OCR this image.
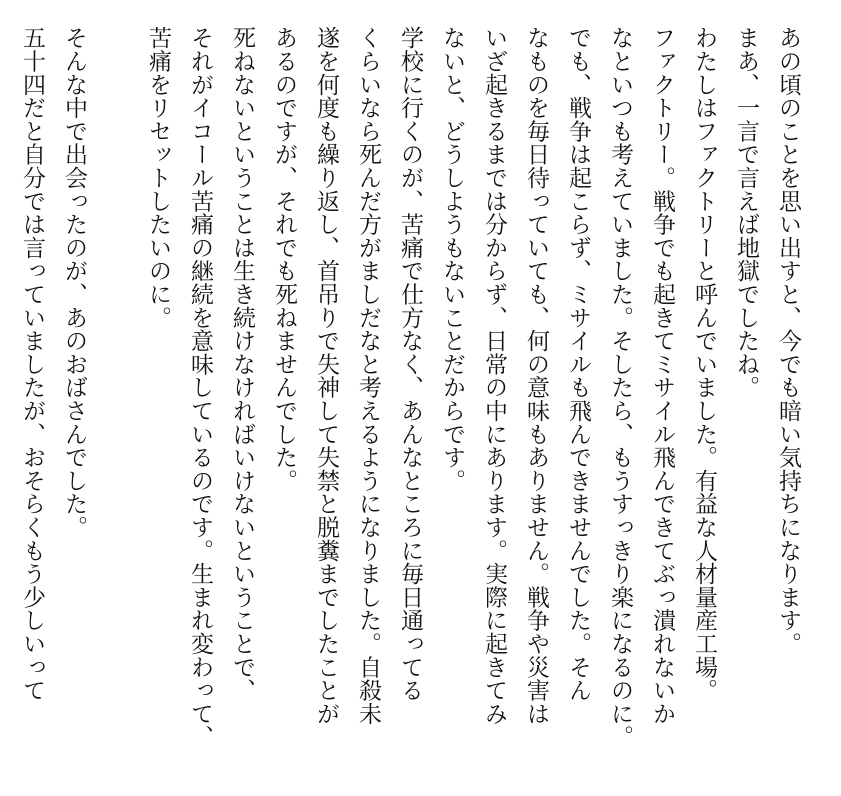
あの頃のことを思い出すと、今でも暗い気持ちになります。
まあ、一言で言えば地獄でしたね。
わたしはファクトリーと呼んでいました。有益な人材量産工場。
ファクトリー。戦争でも起きてミサイル飛んできてぶっ潰れないか
なといつも考えていました。そしたら、もうすっきり楽になるのに。
でも、戦争は起こらず、ミサイルも飛んできませんでした。そん
なものを毎日待っていても、何の意味もありません。戦争や災害は
いざ起きるまでは分からず、日常の中にあります。実際に起きてみ
ないと、どうしようもないことだからです。
学校に行くのが、苦痛で仕方なく、あんなところに毎日通ってる
くらいなら死んだ方がましだなと考えるようになりました。自殺未
遂を何度も繰り返し、首吊りで失神して失禁と脱糞までしたことが
あるのですが、それでも死ねませんでした。
死ねないということは生き続けなければいけないということで、
それがイコール苦痛の継続を意味しているのです。生まれ変わって、
苦痛をリセットしたいのに。

そんな中で出会ったのが、あのおばさんでした。
五十四だと自分では言っていましたが、おそらくもう少しいって
